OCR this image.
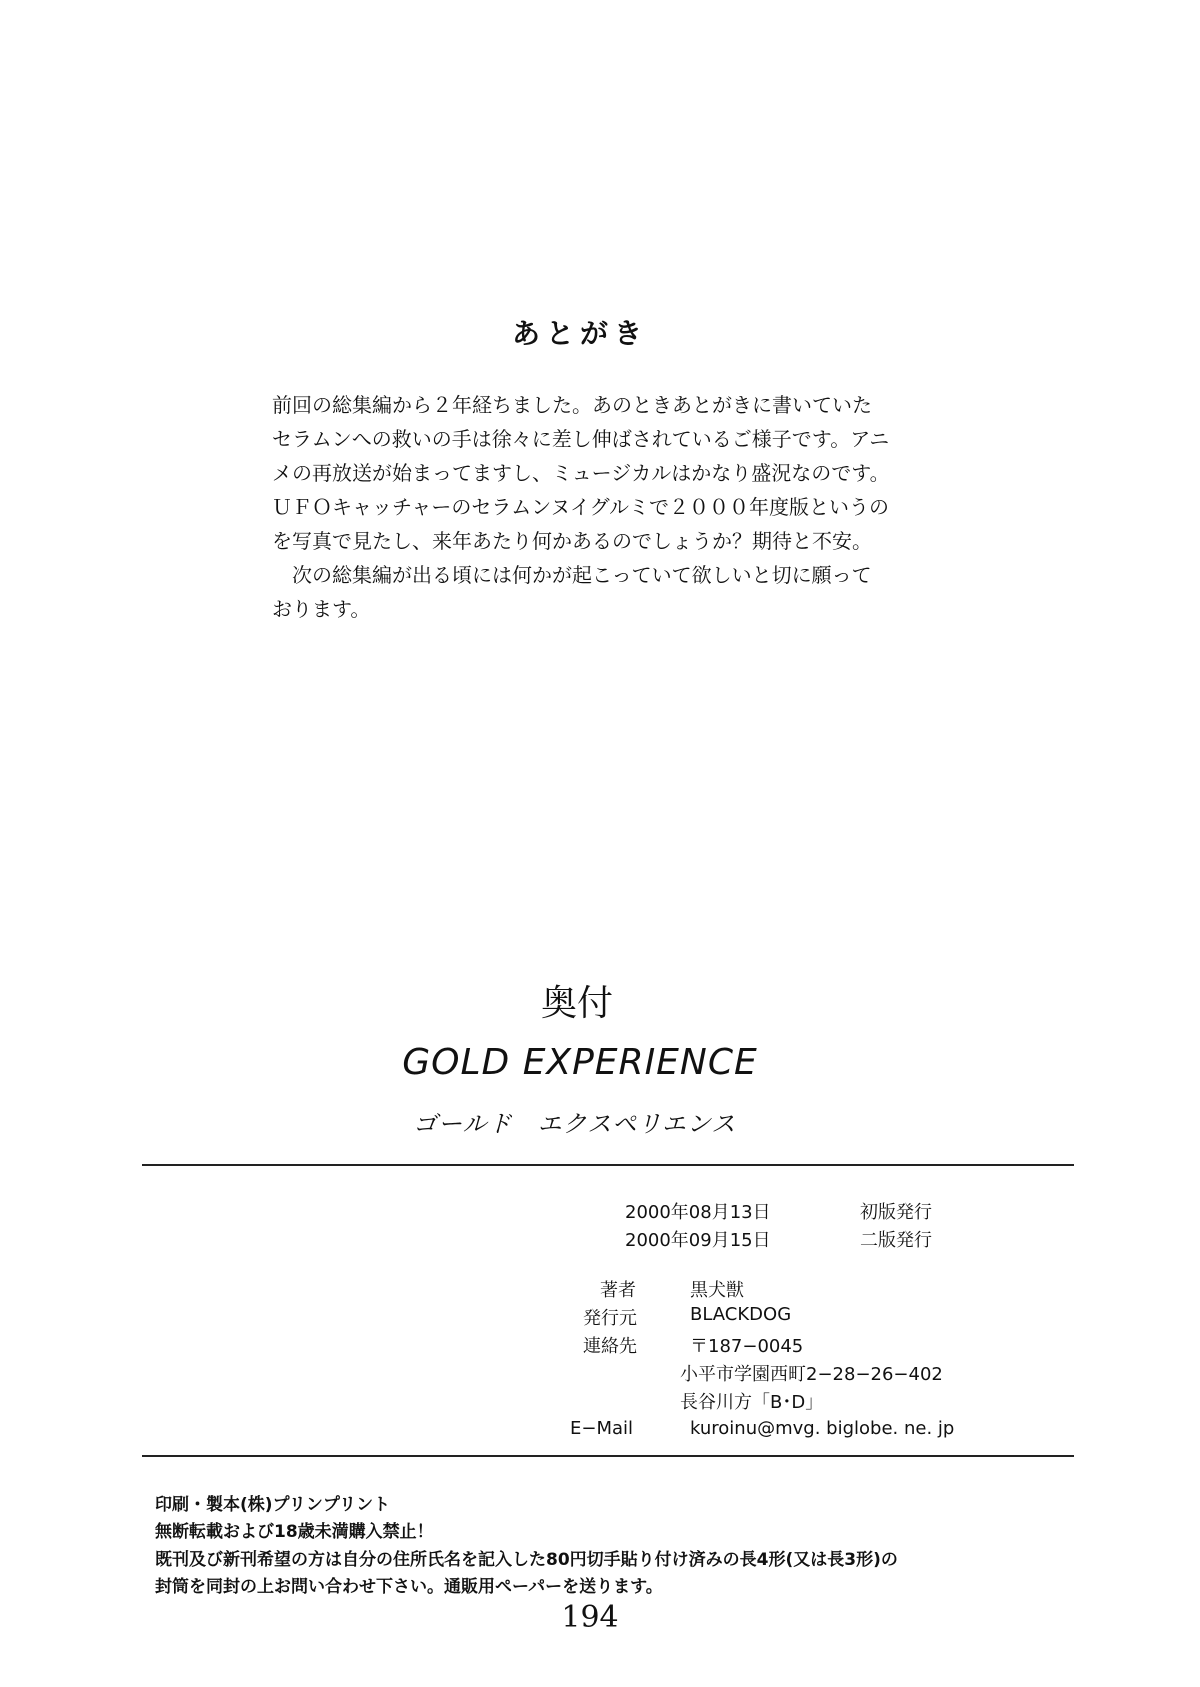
あとがき
前回の総集編から２年経ちました。あのときあとがきに書いていた
セラムンへの救いの手は徐々に差し伸ばされているご様子です。アニ
メの再放送が始まってますし、ミュージカルはかなり盛況なのです。
ＵＦＯキャッチャーのセラムンヌイグルミで２０００年度版というの
を写真で見たし、来年あたり何かあるのでしょうか？期待と不安。
　次の総集編が出る頃には何かが起こっていて欲しいと切に願って
おります。
奥付
GOLD EXPERIENCE
ゴールド　エクスペリエンス
2000年08月13日	初版発行
2000年09月15日	二版発行
著者	黒犬獣
発行元	BLACKDOG
連絡先	〒187−0045
小平市学園西町2−28−26−402
長谷川方「B･D」
E−Mail	kuroinu@mvg. biglobe. ne. jp
印刷・製本(株)プリンプリント
無断転載および18歳未満購入禁止！
既刊及び新刊希望の方は自分の住所氏名を記入した80円切手貼り付け済みの長4形(又は長3形)の
封筒を同封の上お問い合わせ下さい。通販用ペーパーを送ります。
194
